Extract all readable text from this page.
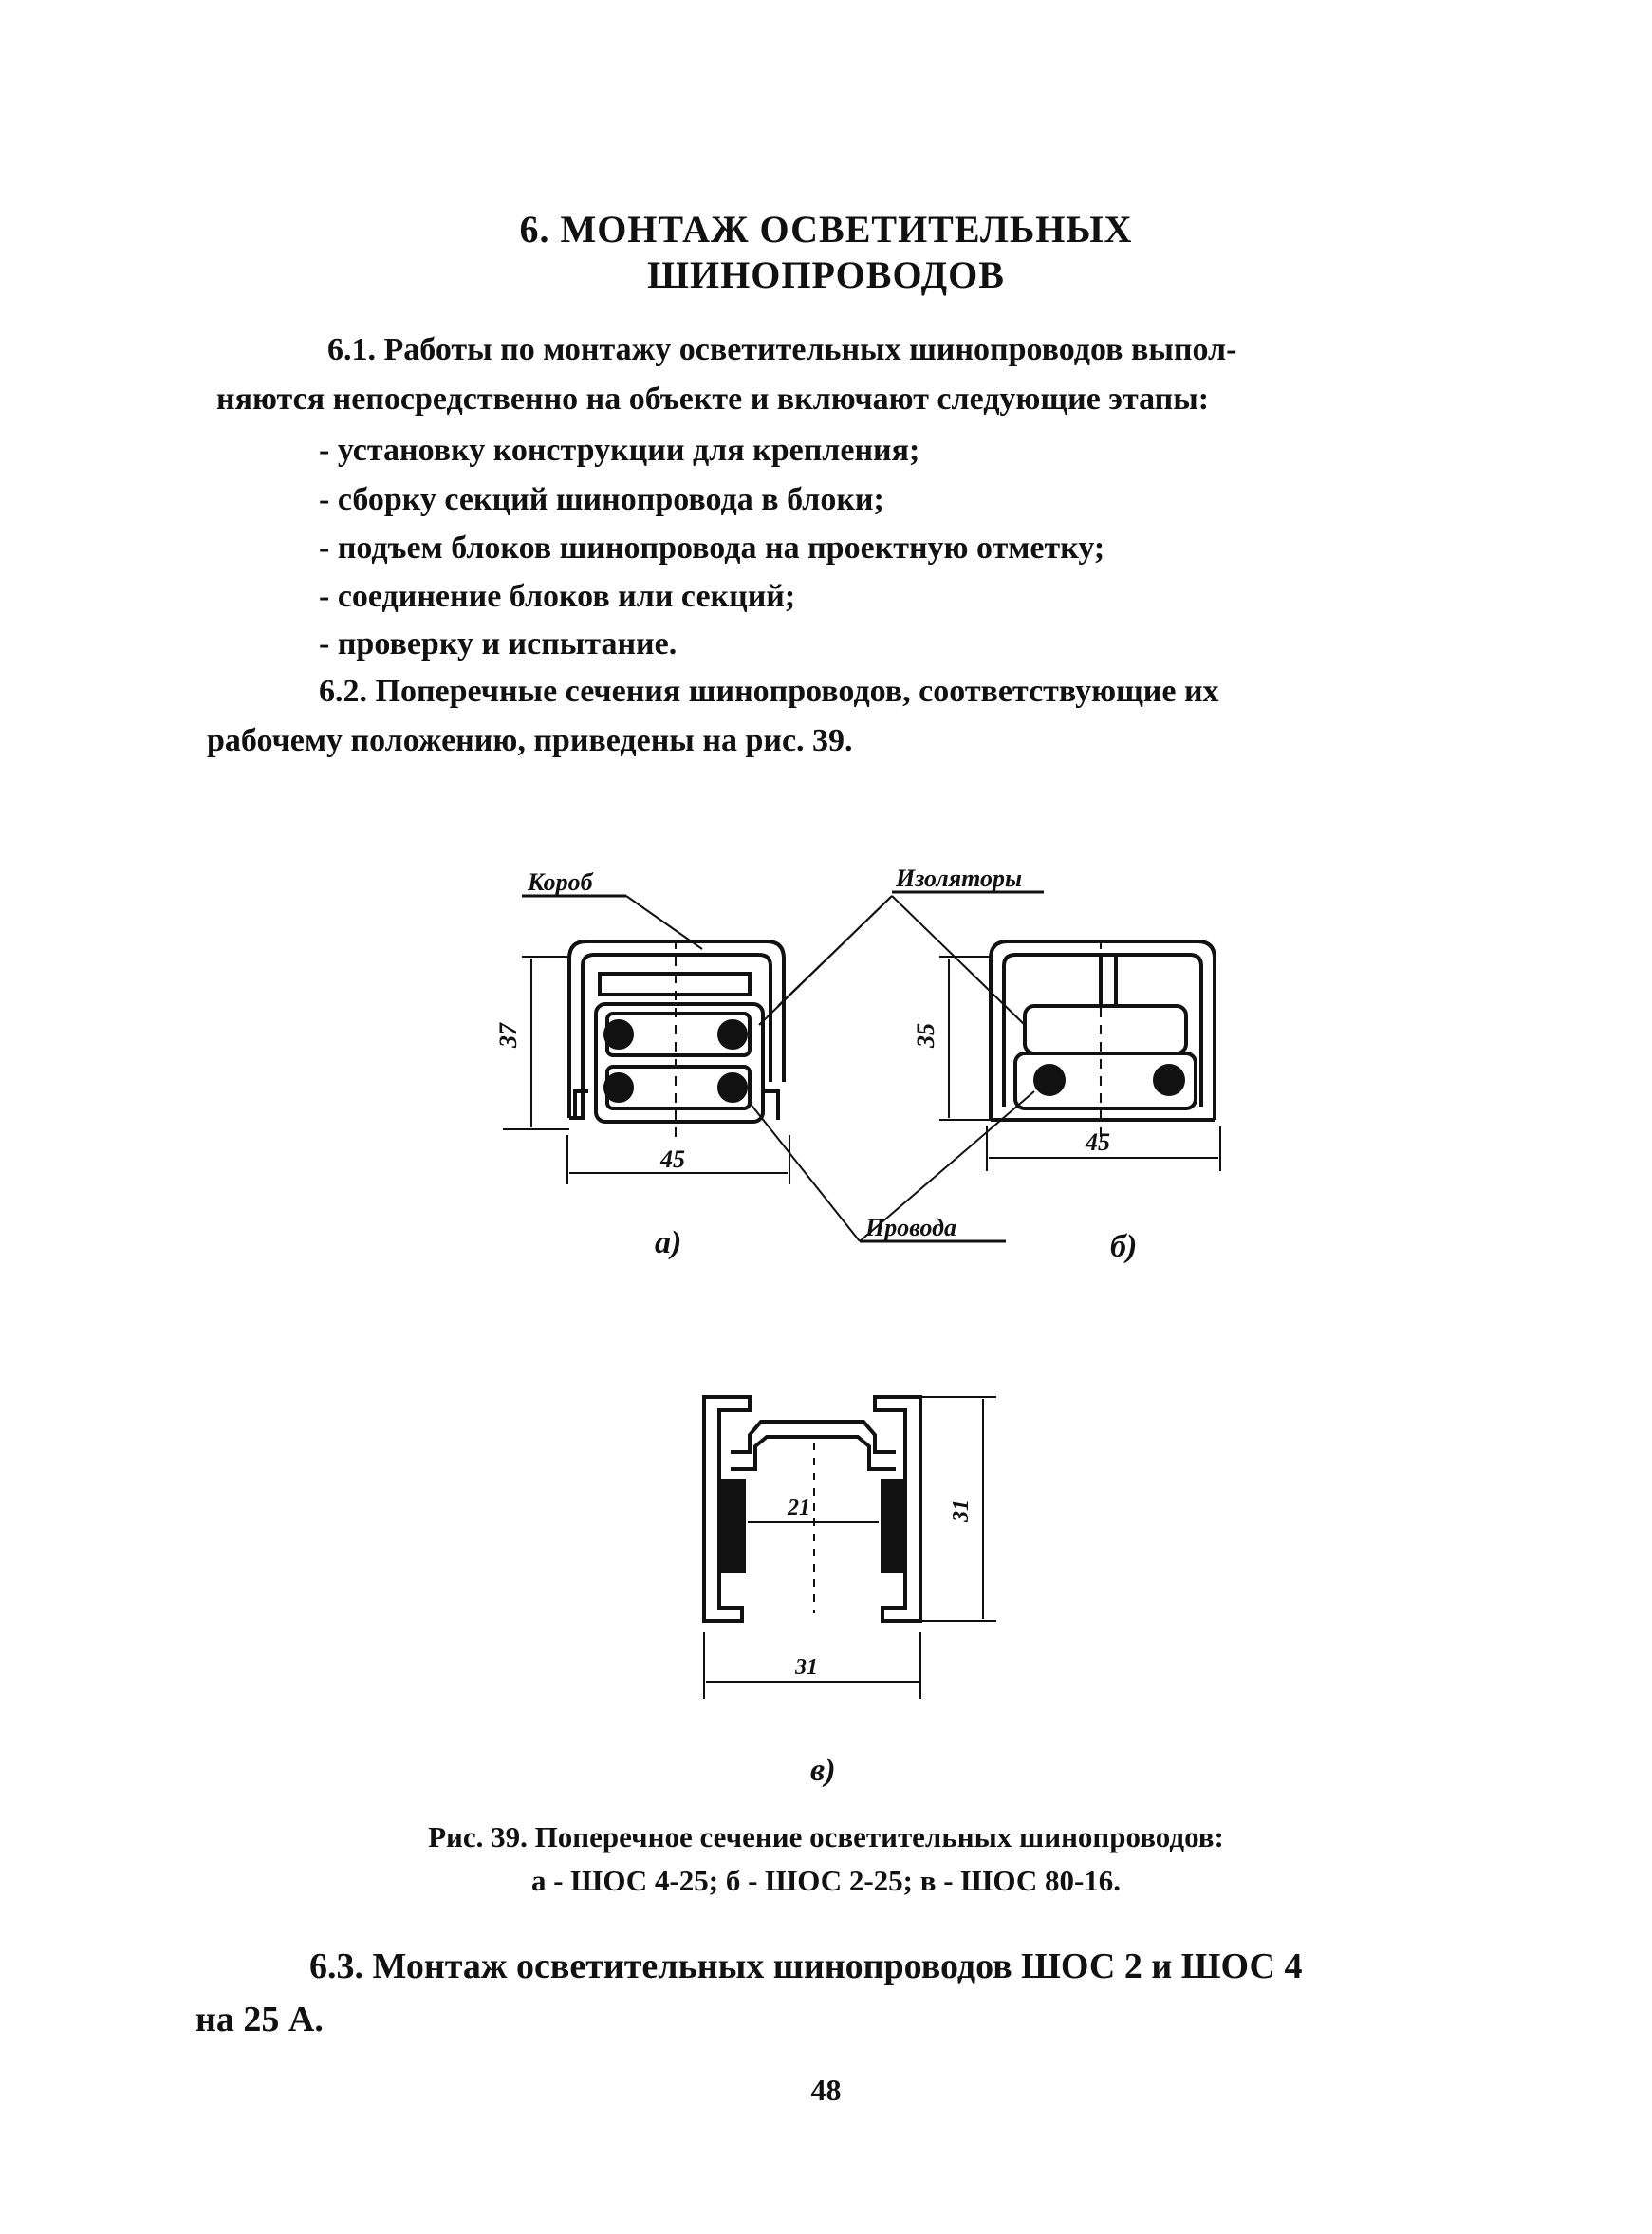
6. МОНТАЖ ОСВЕТИТЕЛЬНЫХ
ШИНОПРОВОДОВ
6.1. Работы по монтажу осветительных шинопроводов выпол-
няются непосредственно на объекте и включают следующие этапы:
- установку конструкции для крепления;
- сборку секций шинопровода в блоки;
- подъем блоков шинопровода на проектную отметку;
- соединение блоков или секций;
- проверку и испытание.
6.2. Поперечные сечения шинопроводов, соответствующие их
рабочему положению, приведены на рис. 39.
Короб	Изоляторы
Провода
37
45
35
45
21
31
31
а)	б)
в)
Рис. 39. Поперечное сечение осветительных шинопроводов:
а - ШОС 4-25; б - ШОС 2-25; в - ШОС 80-16.
6.3. Монтаж осветительных шинопроводов ШОС 2 и ШОС 4
на 25 А.
48
